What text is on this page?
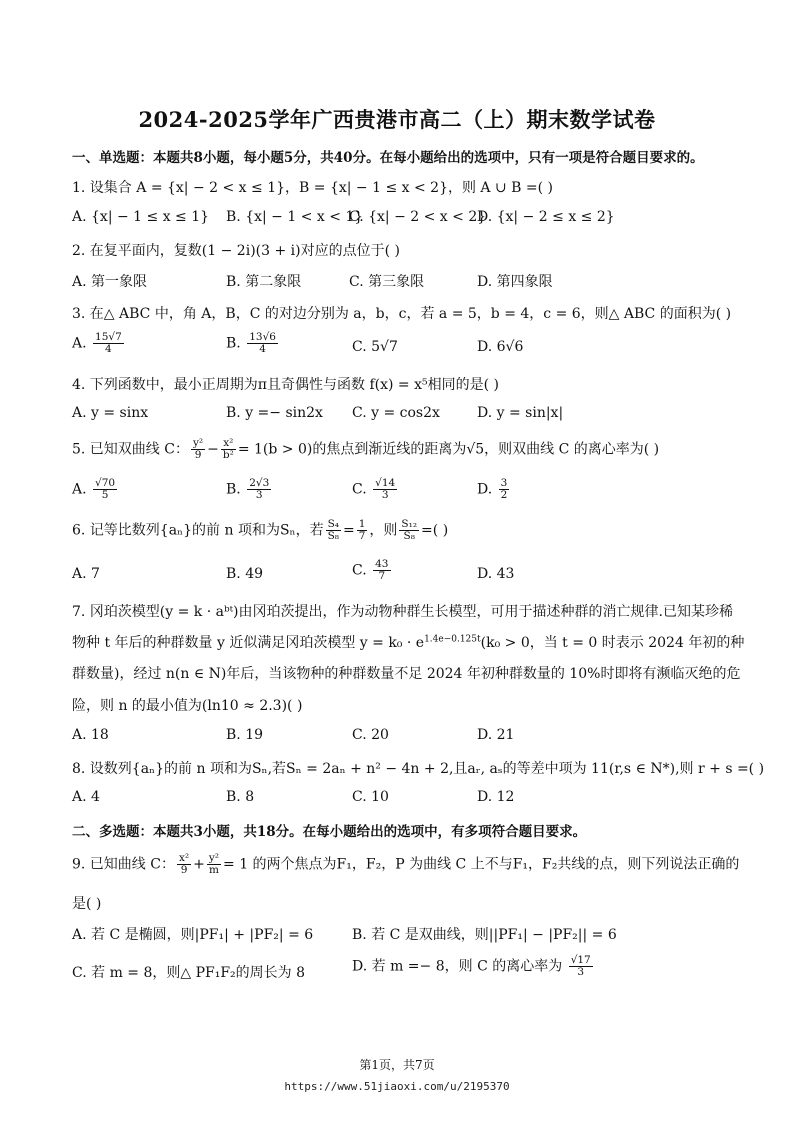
2024-2025学年广西贵港市高二（上）期末数学试卷
一、单选题：本题共8小题，每小题5分，共40分。在每小题给出的选项中，只有一项是符合题目要求的。
1. 设集合 A = {x| − 2 < x ≤ 1}，B = {x| − 1 ≤ x < 2}，则 A ∪ B =( )
A. {x| − 1 ≤ x ≤ 1} B. {x| − 1 < x < 1}
C. {x| − 2 < x < 2}
D. {x| − 2 ≤ x ≤ 2}
2. 在复平面内，复数(1 − 2i)(3 + i)对应的点位于( )
A. 第一象限	B. 第二象限	C. 第三象限	D. 第四象限
3. 在△ ABC 中，角 A，B，C 的对边分别为 a，b，c，若 a = 5，b = 4，c = 6，则△ ABC 的面积为( )
A. $\frac{15√7}{4}$	B. $\frac{13√6}{4}$	C. 5√7	D. 6√6
4. 下列函数中，最小正周期为π且奇偶性与函数 f(x) = x⁵相同的是( )
A. y = sinx	B. y =− sin2x C. y = cos2x	D. y = sin|x|
5. 已知双曲线 C： $\frac{\text{y²}}{9} - \frac{\text{x²}}{\text{b²}} = 1(b > 0)$的焦点到渐近线的距离为√5，则双曲线 C 的离心率为( )
A. $\frac{√70}{5}$	B. $\frac{2√3}{3}$	C. $\frac{√14}{3}$	D. $\frac{3}{2}$
6. 记等比数列{aₙ}的前 n 项和为Sₙ，若 $\frac{\text{S₄}}{\text{S₈}} = \frac{1}{7}$ ，则 $\frac{\text{S₁₂}}{\text{S₈}}$ =( )
A. 7	B. 49	C. $\frac{43}{7}$	D. 43
7. 冈珀茨模型(y = k · aᵇᵗ)由冈珀茨提出，作为动物种群生长模型，可用于描述种群的消亡规律.已知某珍稀
物种 t 年后的种群数量 y 近似满足冈珀茨模型 $y = k_0 \cdot e^{1.4e-0.125t}(k_0 > 0$，当 t = 0 时表示 2024 年初的种
群数量)，经过 n(n ∈ N)年后，当该物种的种群数量不足 2024 年初种群数量的 10%时即将有濒临灭绝的危
险，则 n 的最小值为(ln10 ≈ 2.3)( )
A. 18	B. 19	C. 20	D. 21
8. 设数列{aₙ}的前 n 项和为Sₙ,若Sₙ = 2aₙ + n² − 4n + 2,且aᵣ, aₛ的等差中项为 11(r,s ∈ N*),则 r + s =( )
A. 4	B. 8	C. 10	D. 12
二、多选题：本题共3小题，共18分。在每小题给出的选项中，有多项符合题目要求。
9. 已知曲线 C： $\frac{\text{x²}}{9} + \frac{\text{y²}}{m} = 1$ 的两个焦点为F₁，F₂，P 为曲线 C 上不与F₁，F₂共线的点，则下列说法正确的
是( )
A. 若 C 是椭圆，则|PF₁| + |PF₂| = 6	B. 若 C 是双曲线，则||PF₁| − |PF₂|| = 6
C. 若 m = 8，则△ PF₁F₂的周长为 8	D. 若 m =− 8，则 C 的离心率为 $\frac{√17}{3}$
第1页，共7页
https://www.51jiaoxi.com/u/2195370
